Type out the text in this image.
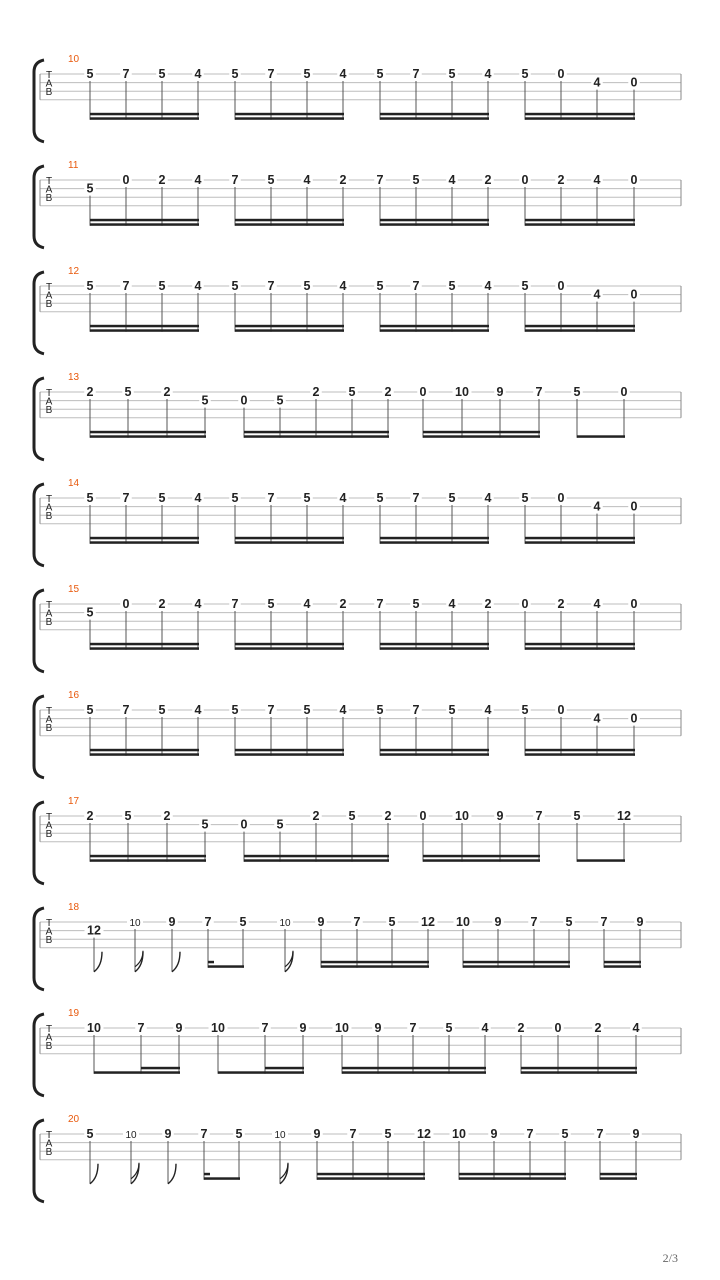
T
A
B
10
5 7 5 4 5 7 5 4 5 7 5 4 5 0
4 0
T
A
B
11
5
0 2 4 7 5 4 2 7 5 4 2 0 2 4 0
T
A
B
12
5 7 5 4 5 7 5 4 5 7 5 4 5 0
4 0
T
A
B
13
2 5	2
5	0 5
2 5 2 0 10 9	7 5	0
T
A
B
14
5 7 5 4 5 7 5 4 5 7 5 4 5 0
4 0
T
A
B
15
5
0 2 4 7 5 4 2 7 5 4 2 0 2 4 0
T
A
B
16
5 7 5 4 5 7 5 4 5 7 5 4 5 0
4 0
T
A
B
17
2 5	2
5	0 5
2 5 2 0 10 9	7 5	12
T
A
B
18
12
10 9 7 5	10 9 7 5 12 10 9 7 5 7 9
T
A
B
19
10	7 9 10	7 9 10 9 7 5 4 2 0	2 4
T
A
B
20
5	10 9 7 5	10 9 7 5 12 10 9 7 5 7 9
2/3
